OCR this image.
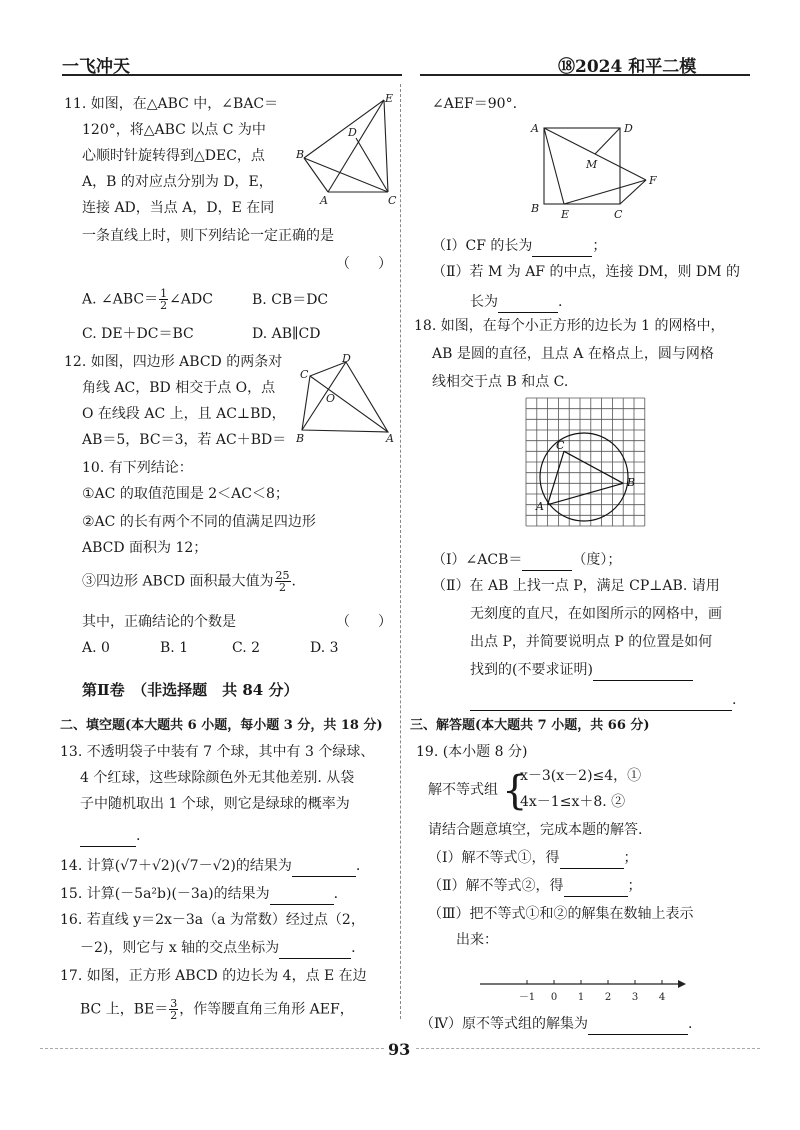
一飞冲天	⑱2024 和平二模
11. 如图，在△ABC 中，∠BAC＝
120°，将△ABC 以点 C 为中
心顺时针旋转得到△DEC，点
A，B 的对应点分别为 D，E，
连接 AD，当点 A，D，E 在同
一条直线上时，则下列结论一定正确的是
（　　）
E
D
B
A	C
A. ∠ABC＝ $\frac{1}{2}$ ∠ADC	B. CB＝DC
C. DE＋DC＝BC	D. AB∥CD
12. 如图，四边形 ABCD 的两条对
角线 AC，BD 相交于点 O，点
O 在线段 AC 上，且 AC⊥BD，
AB＝5，BC＝3，若 AC＋BD＝
10. 有下列结论：
①AC 的取值范围是 2＜AC＜8；
②AC 的长有两个不同的值满足四边形
ABCD 面积为 12；
③四边形 ABCD 面积最大值为 $\frac{25}{2}$ .
其中，正确结论的个数是	（　　）
A. 0	B. 1	C. 2	D. 3
D
C
O
B	A
第Ⅱ卷　（非选择题　共 84 分）
二、填空题(本大题共 6 小题，每小题 3 分，共 18 分)
13. 不透明袋子中装有 7 个球，其中有 3 个绿球、
4 个红球，这些球除颜色外无其他差别. 从袋
子中随机取出 1 个球，则它是绿球的概率为
.
14. 计算(√7＋√2)(√7－√2)的结果为	.
15. 计算(－5a²b)(－3a)的结果为	.
16. 若直线 y＝2x－3a（a 为常数）经过点（2，
－2)，则它与 x 轴的交点坐标为	.
17. 如图，正方形 ABCD 的边长为 4，点 E 在边
BC 上，$BE= \frac{3}{2}$ ，作等腰直角三角形 AEF，
∠AEF＝90°.
A	D
M
F
B E	C
（Ⅰ）CF 的长为	；
（Ⅱ）若 M 为 AF 的中点，连接 DM，则 DM 的
长为	.
18. 如图，在每个小正方形的边长为 1 的网格中，
AB 是圆的直径，且点 A 在格点上，圆与网格
线相交于点 B 和点 C.
C
B
A
（Ⅰ）∠ACB＝	（度）；
（Ⅱ）在 AB 上找一点 P，满足 CP⊥AB. 请用
无刻度的直尺，在如图所示的网格中，画
出点 P，并简要说明点 P 的位置是如何
找到的(不要求证明)
.
三、解答题(本大题共 7 小题，共 66 分)
19. (本小题 8 分)
解不等式组 {
x－3(x－2)≤4，①
4x－1≤x＋8. ②
请结合题意填空，完成本题的解答.
（Ⅰ）解不等式①，得	；
（Ⅱ）解不等式②，得	；
（Ⅲ）把不等式①和②的解集在数轴上表示
出来：
－1 0 1 2 3 4
（Ⅳ）原不等式组的解集为	.
93
